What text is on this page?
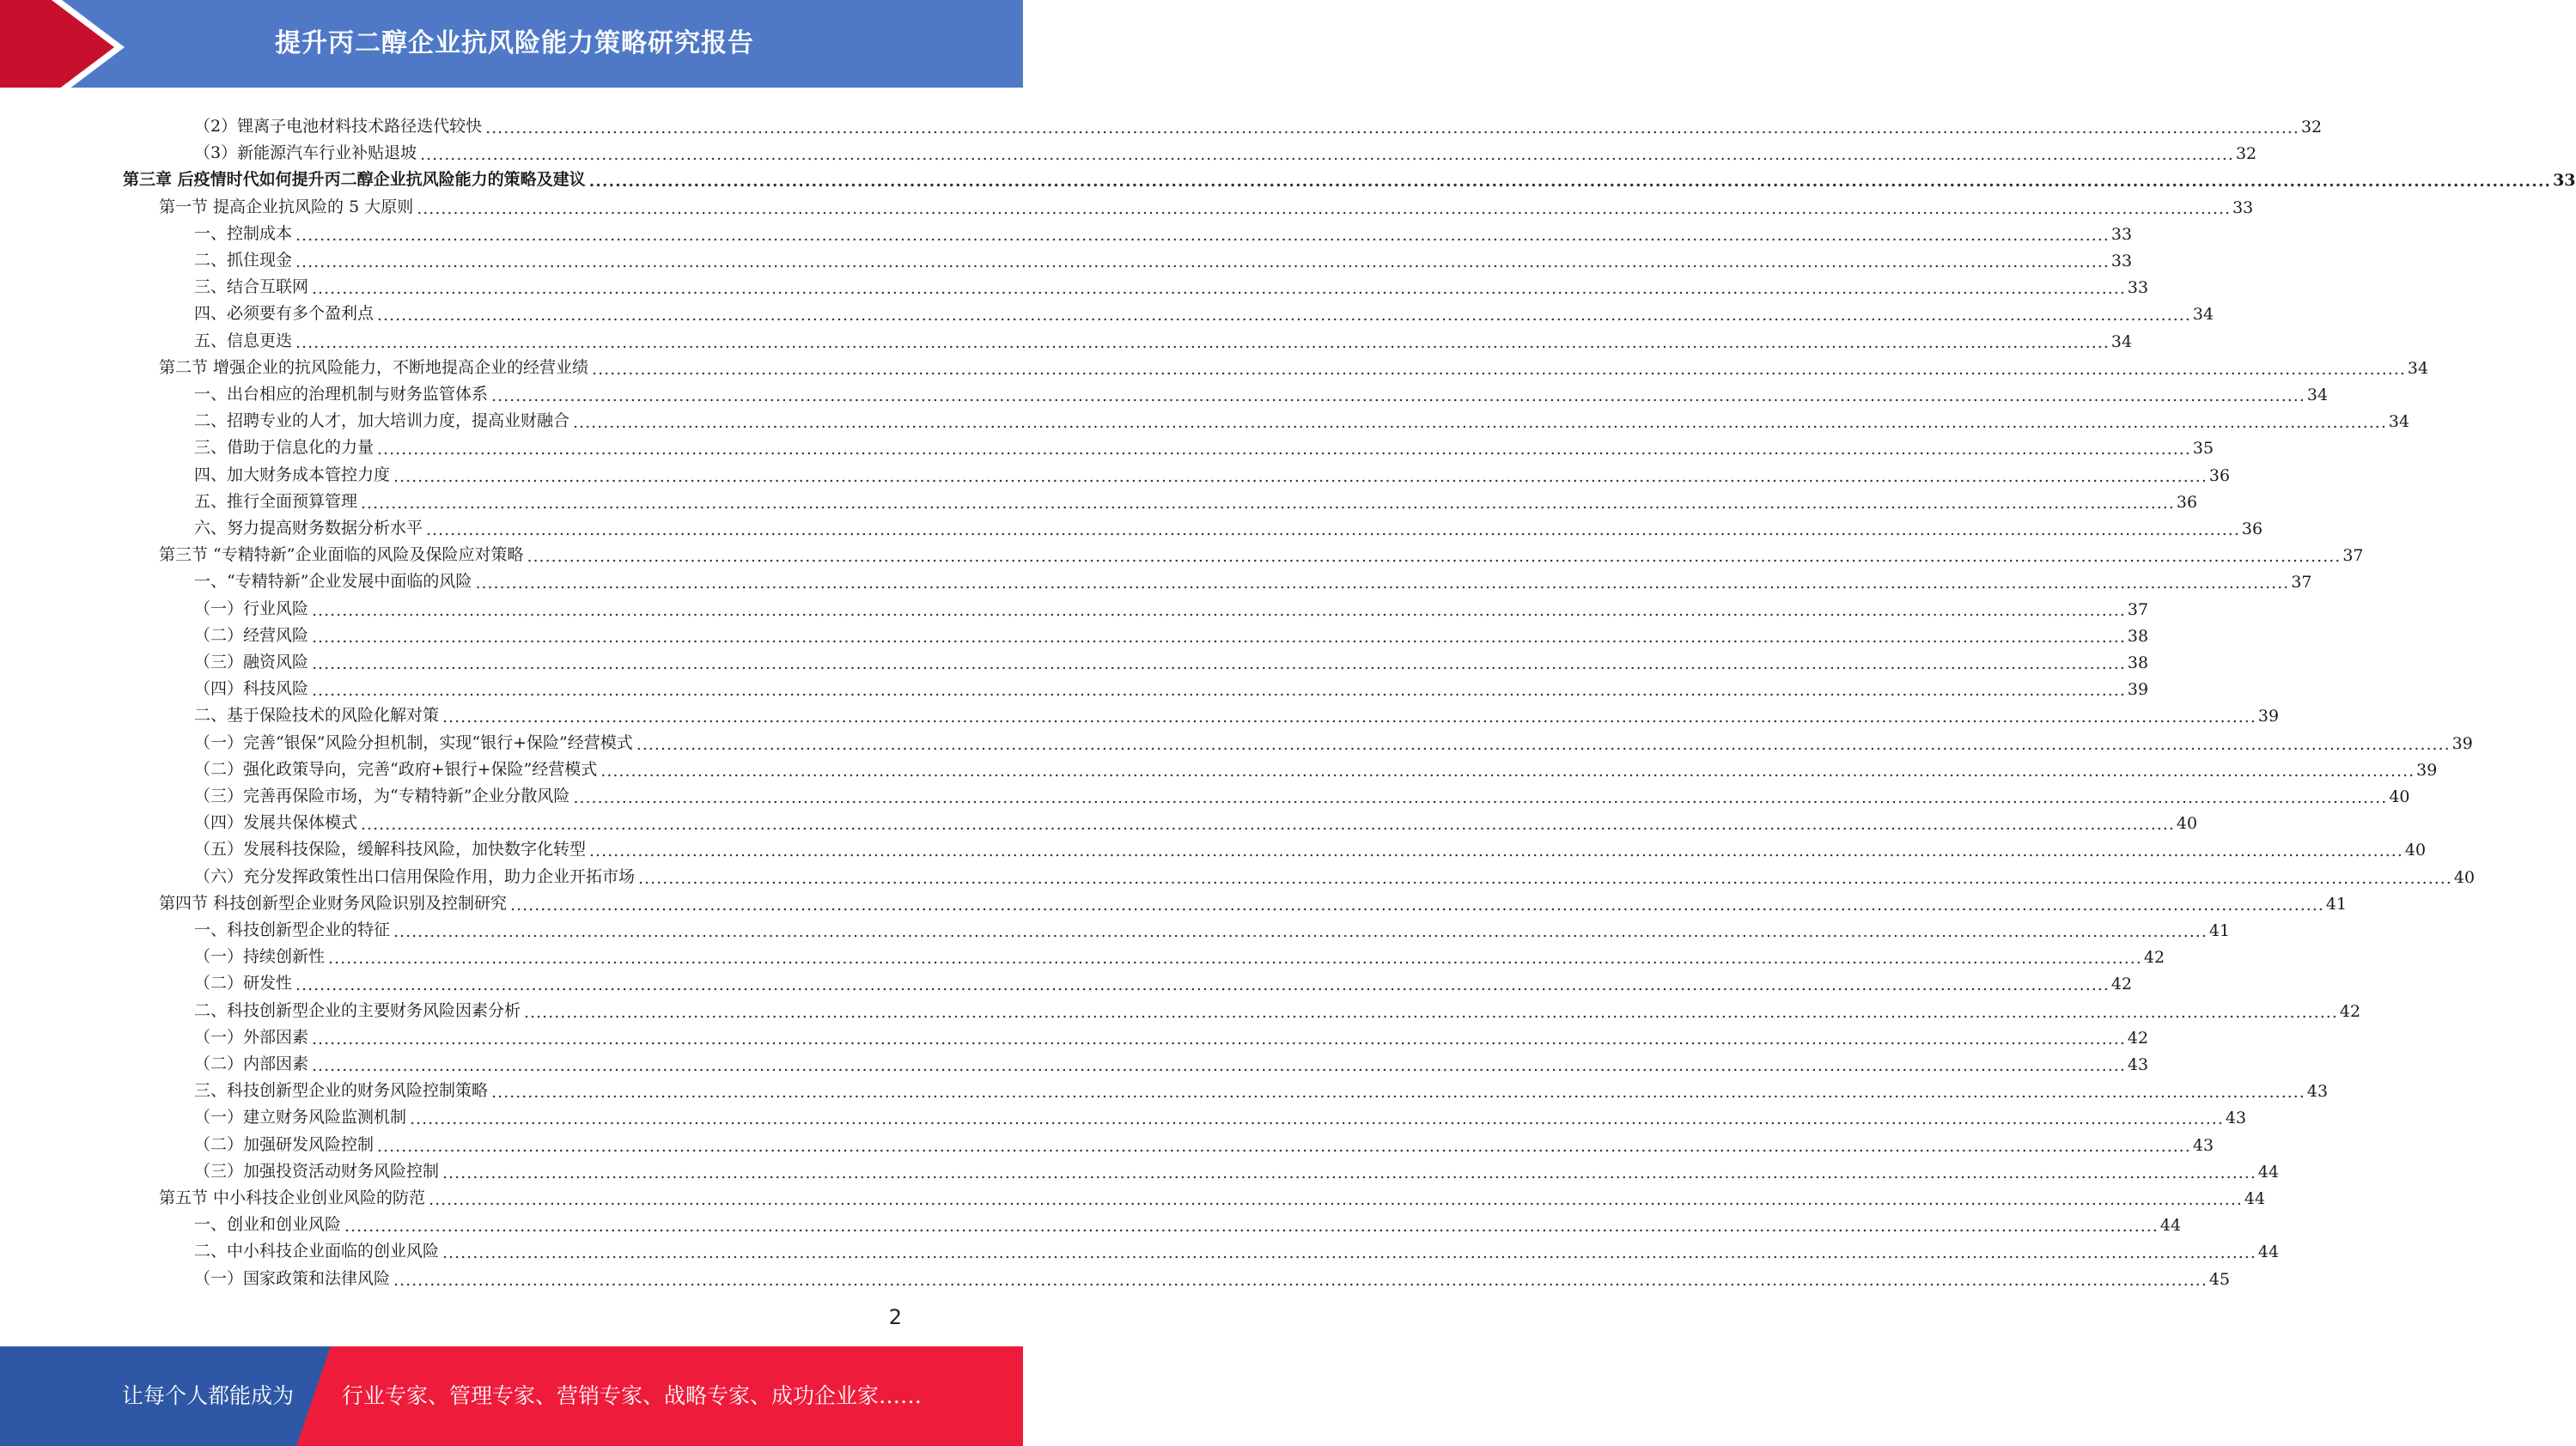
提升丙二醇企业抗风险能力策略研究报告
（2）锂离子电池材料技术路径迭代较快 ............................................................................................................................................................................................................................................................................................................ 32
（3）新能源汽车行业补贴退坡 ............................................................................................................................................................................................................................................................................................................ 32
第三章 后疫情时代如何提升丙二醇企业抗风险能力的策略及建议 ............................................................................................................................................................................................................................................................................................................ 33
第一节 提高企业抗风险的 5 大原则 ............................................................................................................................................................................................................................................................................................................ 33
一、控制成本 ............................................................................................................................................................................................................................................................................................................ 33
二、抓住现金 ............................................................................................................................................................................................................................................................................................................ 33
三、结合互联网 ............................................................................................................................................................................................................................................................................................................ 33
四、必须要有多个盈利点 ............................................................................................................................................................................................................................................................................................................ 34
五、信息更迭 ............................................................................................................................................................................................................................................................................................................ 34
第二节 增强企业的抗风险能力，不断地提高企业的经营业绩 ............................................................................................................................................................................................................................................................................................................ 34
一、出台相应的治理机制与财务监管体系 ............................................................................................................................................................................................................................................................................................................ 34
二、招聘专业的人才，加大培训力度，提高业财融合 ............................................................................................................................................................................................................................................................................................................ 34
三、借助于信息化的力量 ............................................................................................................................................................................................................................................................................................................ 35
四、加大财务成本管控力度 ............................................................................................................................................................................................................................................................................................................ 36
五、推行全面预算管理 ............................................................................................................................................................................................................................................................................................................ 36
六、努力提高财务数据分析水平 ............................................................................................................................................................................................................................................................................................................ 36
第三节 “专精特新”企业面临的风险及保险应对策略 ............................................................................................................................................................................................................................................................................................................ 37
一、“专精特新”企业发展中面临的风险 ............................................................................................................................................................................................................................................................................................................ 37
（一）行业风险 ............................................................................................................................................................................................................................................................................................................ 37
（二）经营风险 ............................................................................................................................................................................................................................................................................................................ 38
（三）融资风险 ............................................................................................................................................................................................................................................................................................................ 38
（四）科技风险 ............................................................................................................................................................................................................................................................................................................ 39
二、基于保险技术的风险化解对策 ............................................................................................................................................................................................................................................................................................................ 39
（一）完善“银保”风险分担机制，实现“银行+保险”经营模式 ............................................................................................................................................................................................................................................................................................................ 39
（二）强化政策导向，完善“政府+银行+保险”经营模式 ............................................................................................................................................................................................................................................................................................................ 39
（三）完善再保险市场，为“专精特新”企业分散风险 ............................................................................................................................................................................................................................................................................................................ 40
（四）发展共保体模式 ............................................................................................................................................................................................................................................................................................................ 40
（五）发展科技保险，缓解科技风险，加快数字化转型 ............................................................................................................................................................................................................................................................................................................ 40
（六）充分发挥政策性出口信用保险作用，助力企业开拓市场 ............................................................................................................................................................................................................................................................................................................ 40
第四节 科技创新型企业财务风险识别及控制研究 ............................................................................................................................................................................................................................................................................................................ 41
一、科技创新型企业的特征 ............................................................................................................................................................................................................................................................................................................ 41
（一）持续创新性 ............................................................................................................................................................................................................................................................................................................ 42
（二）研发性 ............................................................................................................................................................................................................................................................................................................ 42
二、科技创新型企业的主要财务风险因素分析 ............................................................................................................................................................................................................................................................................................................ 42
（一）外部因素 ............................................................................................................................................................................................................................................................................................................ 42
（二）内部因素 ............................................................................................................................................................................................................................................................................................................ 43
三、科技创新型企业的财务风险控制策略 ............................................................................................................................................................................................................................................................................................................ 43
（一）建立财务风险监测机制 ............................................................................................................................................................................................................................................................................................................ 43
（二）加强研发风险控制 ............................................................................................................................................................................................................................................................................................................ 43
（三）加强投资活动财务风险控制 ............................................................................................................................................................................................................................................................................................................ 44
第五节 中小科技企业创业风险的防范 ............................................................................................................................................................................................................................................................................................................ 44
一、创业和创业风险 ............................................................................................................................................................................................................................................................................................................ 44
二、中小科技企业面临的创业风险 ............................................................................................................................................................................................................................................................................................................ 44
（一）国家政策和法律风险 ............................................................................................................................................................................................................................................................................................................ 45
2
让每个人都能成为 行业专家、管理专家、营销专家、战略专家、成功企业家……
